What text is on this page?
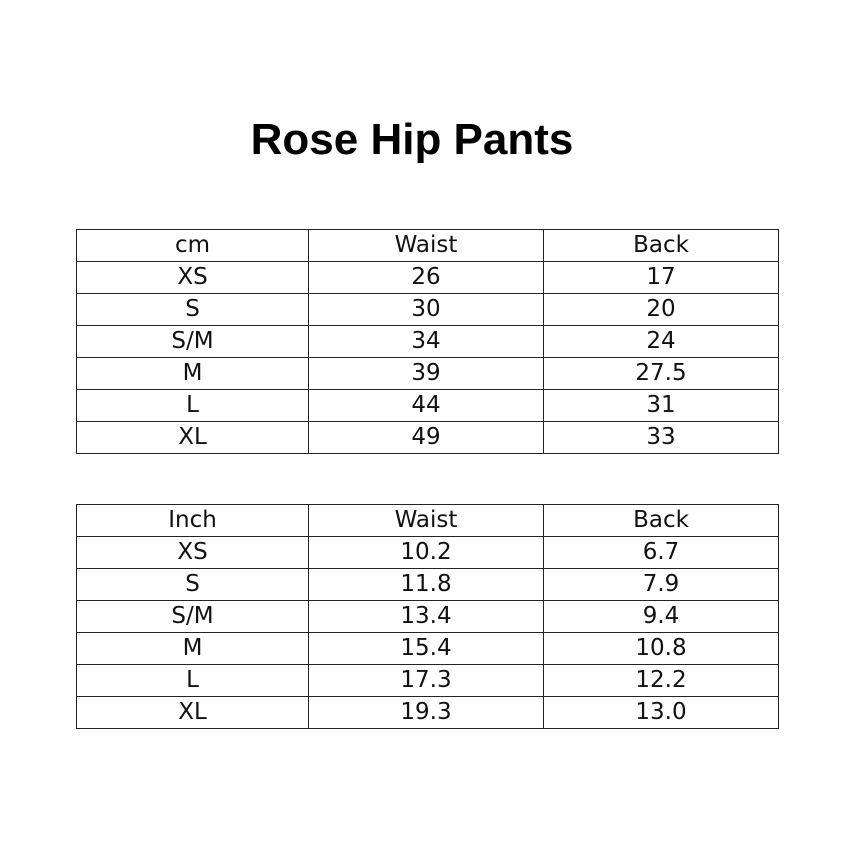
Rose Hip Pants
cm	Waist	Back
XS	26	17
S	30	20
S/M	34	24
M	39	27.5
L	44	31
XL	49	33
Inch	Waist	Back
XS	10.2	6.7
S	11.8	7.9
S/M	13.4	9.4
M	15.4	10.8
L	17.3	12.2
XL	19.3	13.0
